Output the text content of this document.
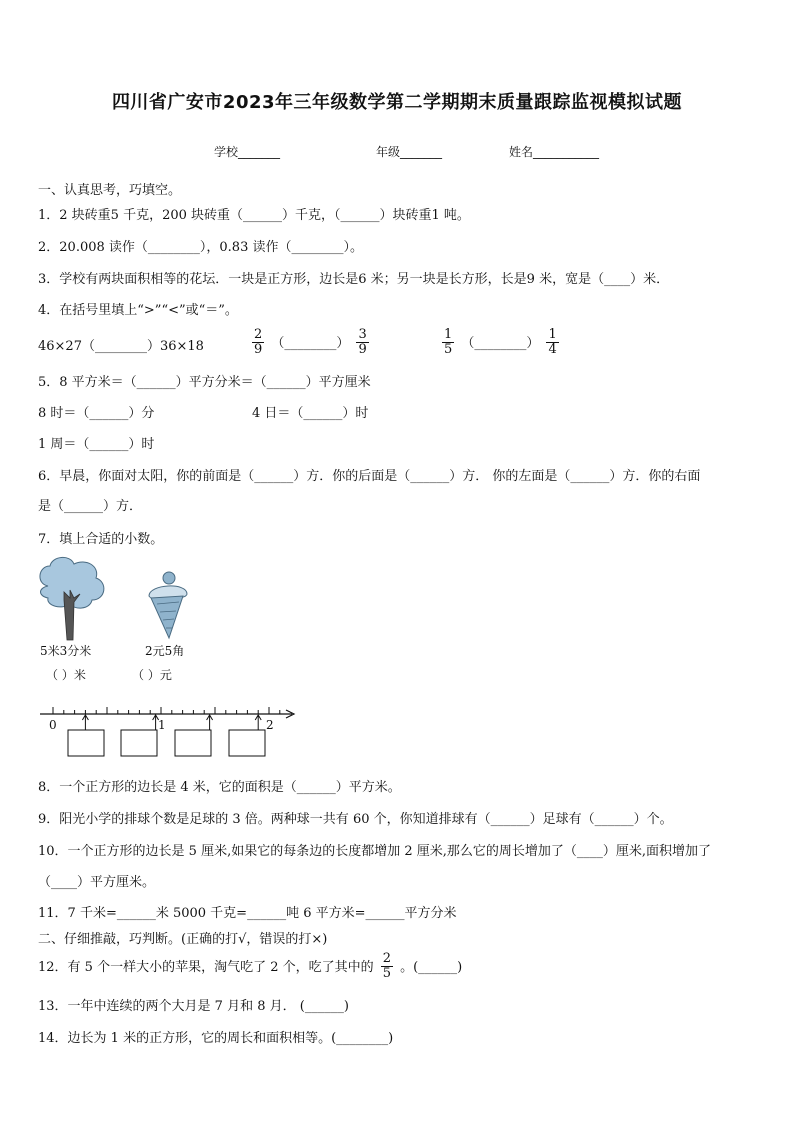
四川省广安市2023年三年级数学第二学期期末质量跟踪监视模拟试题
学校_______	年级_______	姓名___________
一、认真思考，巧填空。
1．2 块砖重5 千克，200 块砖重（______）千克，（______）块砖重1 吨。
2．20.008 读作（________），0.83 读作（________）。
3．学校有两块面积相等的花坛．一块是正方形，边长是6 米；另一块是长方形，长是9 米，宽是（____）米．
4．在括号里填上“>”“<”或“＝”。
46×27（________）36×18	$\frac{2}{9}$ （________） $\frac{3}{9}$	$\frac{1}{5}$ （________） $\frac{1}{4}$
5．8 平方米＝（______）平方分米＝（______）平方厘米
8 时＝（______）分	4 日＝（______）时
1 周＝（______）时
6．早晨，你面对太阳，你的前面是（______）方．你的后面是（______）方． 你的左面是（______）方．你的右面
是（______）方．
7．填上合适的小数。
5米3分米
（ ）米
2元5角
（ ）元
0	1	2
8．一个正方形的边长是 4 米，它的面积是（______）平方米。
9．阳光小学的排球个数是足球的 3 倍。两种球一共有 60 个，你知道排球有（______）足球有（______）个。
10．一个正方形的边长是 5 厘米,如果它的每条边的长度都增加 2 厘米,那么它的周长增加了（____）厘米,面积增加了
（____）平方厘米。
11．7 千米=______米 5000 千克=______吨 6 平方米=______平方分米
二、仔细推敲，巧判断。(正确的打√，错误的打×)
12．有 5 个一样大小的苹果，淘气吃了 2 个，吃了其中的 $\frac{2}{5}$ 。(______)
13．一年中连续的两个大月是 7 月和 8 月． (______)
14．边长为 1 米的正方形，它的周长和面积相等。(________)
